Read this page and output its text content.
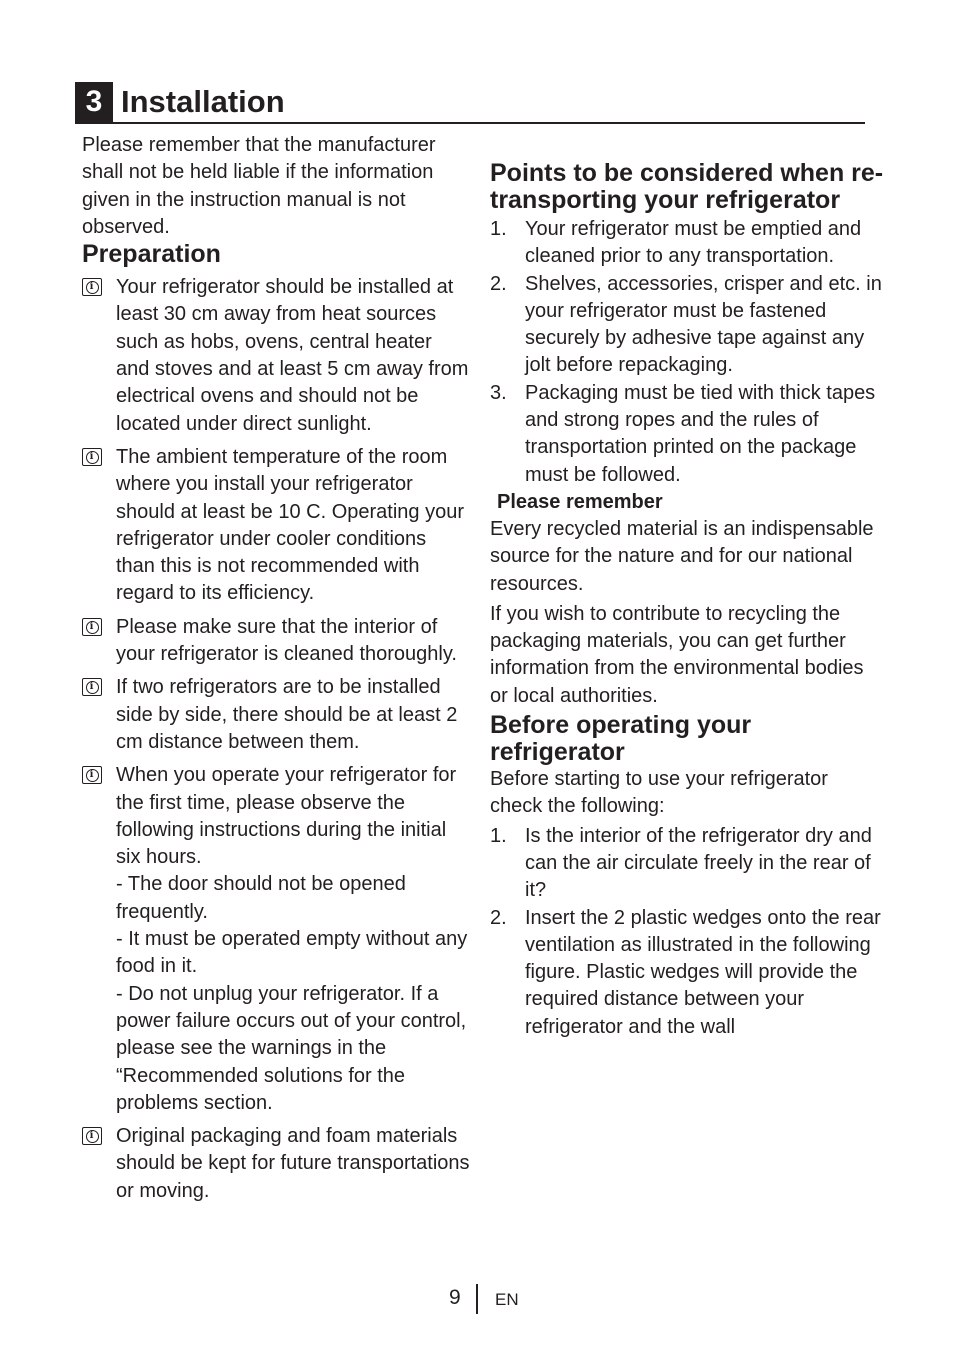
3 Installation

Please remember that the manufacturer shall not be held liable if the information given in the instruction manual is not observed.

Preparation
i

Your refrigerator should be installed at least 30 cm away from heat sources such as hobs, ovens, central heater and stoves and at least 5 cm away from electrical ovens and should not be located under direct sunlight.

i

The ambient temperature of the room where you install your refrigerator should at least be 10 C. Operating your refrigerator under cooler conditions than this is not recommended with regard to its efficiency.

i

Please make sure that the interior of your refrigerator is cleaned thoroughly.

i

If two refrigerators are to be installed side by side, there should be at least 2 cm distance between them.

i

When you operate your refrigerator for the first time, please observe the following instructions during the initial six hours.

- The door should not be opened frequently.

- It must be operated empty without any food in it.

- Do not unplug your refrigerator. If a power failure occurs out of your control, please see the warnings in the “Recommended solutions for the problems section.

i

Original packaging and foam materials should be kept for future transportations or moving.

Points to be considered when re-transporting your refrigerator
1. Your refrigerator must be emptied and cleaned prior to any transportation.

2. Shelves, accessories, crisper and etc. in your refrigerator must be fastened securely by adhesive tape against any jolt before repackaging.

3. Packaging must be tied with thick tapes and strong ropes and the rules of transportation printed on the package must be followed.

Please remember

Every recycled material is an indispensable source for the nature and for our national resources.

If you wish to contribute to recycling the packaging materials, you can get further information from the environmental bodies or local authorities.

Before operating your refrigerator

Before starting to use your refrigerator check the following:

1. Is the interior of the refrigerator dry and can the air circulate freely in the rear of it?

2. Insert the 2 plastic wedges onto the rear ventilation as illustrated in the following figure. Plastic wedges will provide the required distance between your refrigerator and the wall

9 EN
